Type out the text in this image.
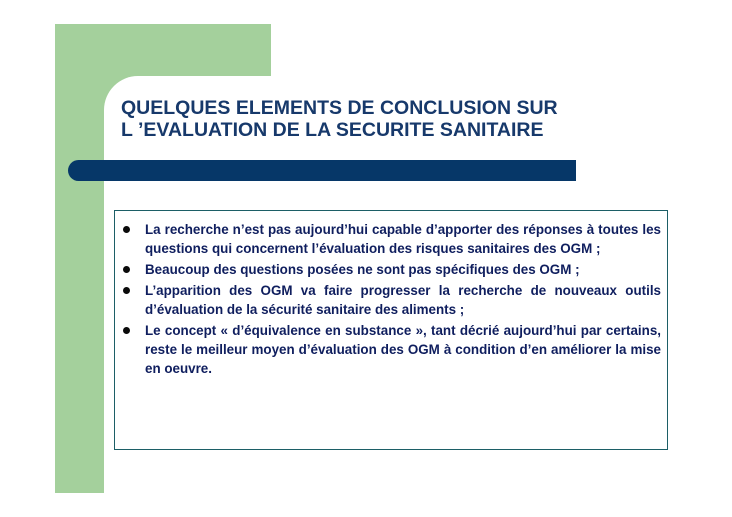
QUELQUES ELEMENTS DE CONCLUSION SUR
L ’EVALUATION DE LA SECURITE SANITAIRE
La recherche n’est pas aujourd’hui capable d’apporter des réponses à toutes les questions qui concernent l’évaluation des risques sanitaires des OGM ;
Beaucoup des questions posées ne sont pas spécifiques des OGM ;
L’apparition des OGM va faire progresser la recherche de nouveaux outils d’évaluation de la sécurité sanitaire des aliments ;
Le concept « d’équivalence en substance », tant décrié aujourd’hui par certains, reste le meilleur moyen d’évaluation des OGM à condition d’en améliorer la mise en oeuvre.
